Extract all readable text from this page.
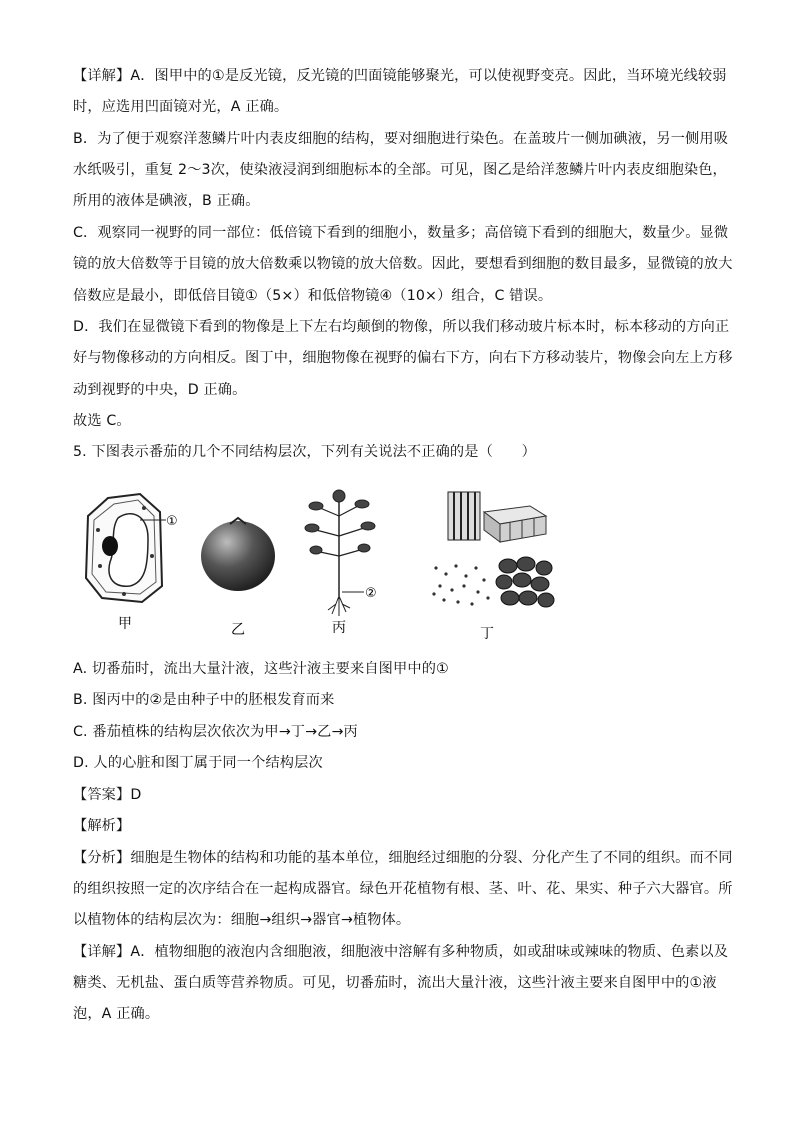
【详解】A．图甲中的①是反光镜，反光镜的凹面镜能够聚光，可以使视野变亮。因此，当环境光线较弱
时，应选用凹面镜对光，A 正确。
B．为了便于观察洋葱鳞片叶内表皮细胞的结构，要对细胞进行染色。在盖玻片一侧加碘液，另一侧用吸
水纸吸引，重复 2～3次，使染液浸润到细胞标本的全部。可见，图乙是给洋葱鳞片叶内表皮细胞染色，
所用的液体是碘液，B 正确。
C．观察同一视野的同一部位：低倍镜下看到的细胞小，数量多；高倍镜下看到的细胞大，数量少。显微
镜的放大倍数等于目镜的放大倍数乘以物镜的放大倍数。因此，要想看到细胞的数目最多，显微镜的放大
倍数应是最小，即低倍目镜①（5×）和低倍物镜④（10×）组合，C 错误。
D．我们在显微镜下看到的物像是上下左右均颠倒的物像，所以我们移动玻片标本时，标本移动的方向正
好与物像移动的方向相反。图丁中，细胞物像在视野的偏右下方，向右下方移动装片，物像会向左上方移
动到视野的中央，D 正确。
故选 C。
5. 下图表示番茄的几个不同结构层次，下列有关说法不正确的是（　　）
①
甲	乙
②
丙	丁
A. 切番茄时，流出大量汁液，这些汁液主要来自图甲中的①
B. 图丙中的②是由种子中的胚根发育而来
C. 番茄植株的结构层次依次为甲→丁→乙→丙
D. 人的心脏和图丁属于同一个结构层次
【答案】D
【解析】
【分析】细胞是生物体的结构和功能的基本单位，细胞经过细胞的分裂、分化产生了不同的组织。而不同
的组织按照一定的次序结合在一起构成器官。绿色开花植物有根、茎、叶、花、果实、种子六大器官。所
以植物体的结构层次为：细胞→组织→器官→植物体。
【详解】A．植物细胞的液泡内含细胞液，细胞液中溶解有多种物质，如或甜味或辣味的物质、色素以及
糖类、无机盐、蛋白质等营养物质。可见，切番茄时，流出大量汁液，这些汁液主要来自图甲中的①液
泡，A 正确。
